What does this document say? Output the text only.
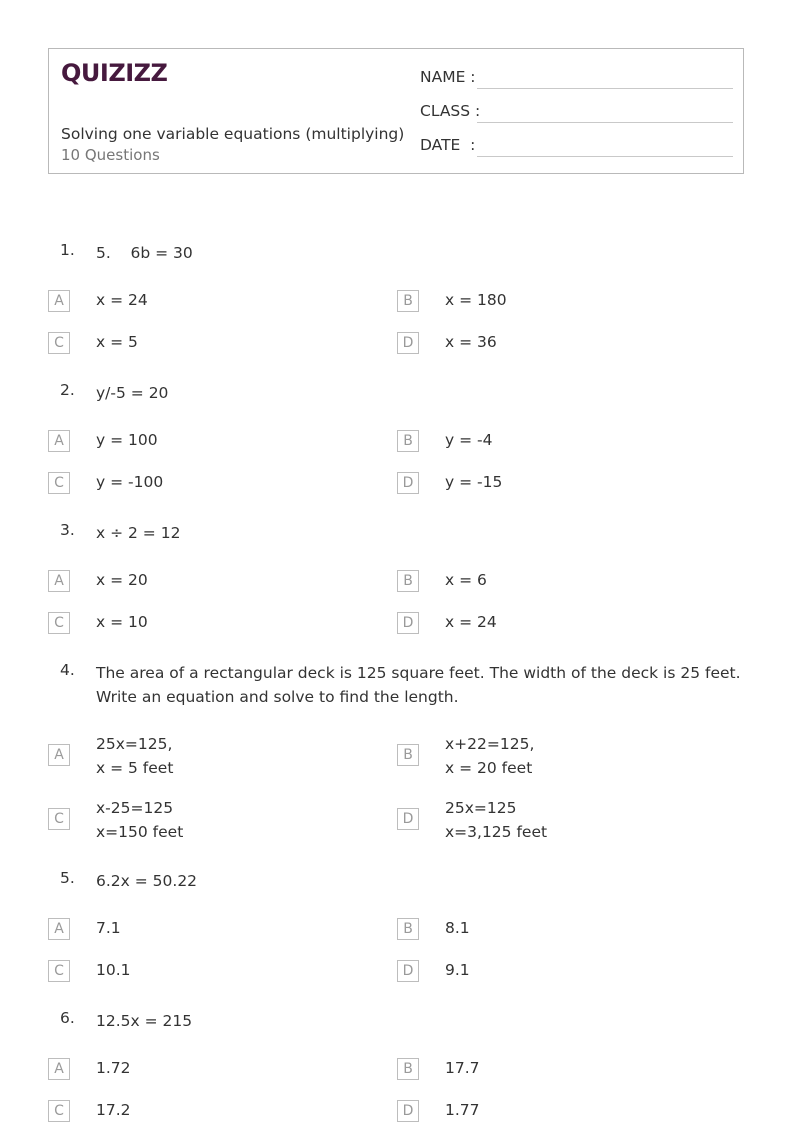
QUIZIZZ
Solving one variable equations (multiplying)
10 Questions
NAME :
CLASS :
DATE  :
1. 5.    6b = 30
A	x = 24	B	x = 180
C	x = 5	D	x = 36
2. y/-5 = 20
A	y = 100	B	y = -4
C	y = -100	D	y = -15
3. x ÷ 2 = 12
A	x = 20	B	x = 6
C	x = 10	D	x = 24
4. The area of a rectangular deck is 125 square feet. The width of the deck is 25 feet. Write an equation and solve to find the length.
A
25x=125,
x = 5 feet
B
x+22=125,
x = 20 feet
C
x-25=125
x=150 feet
D
25x=125
x=3,125 feet
5. 6.2x = 50.22
A	7.1	B	8.1
C	10.1	D	9.1
6. 12.5x = 215
A	1.72	B	17.7
C	17.2	D	1.77
